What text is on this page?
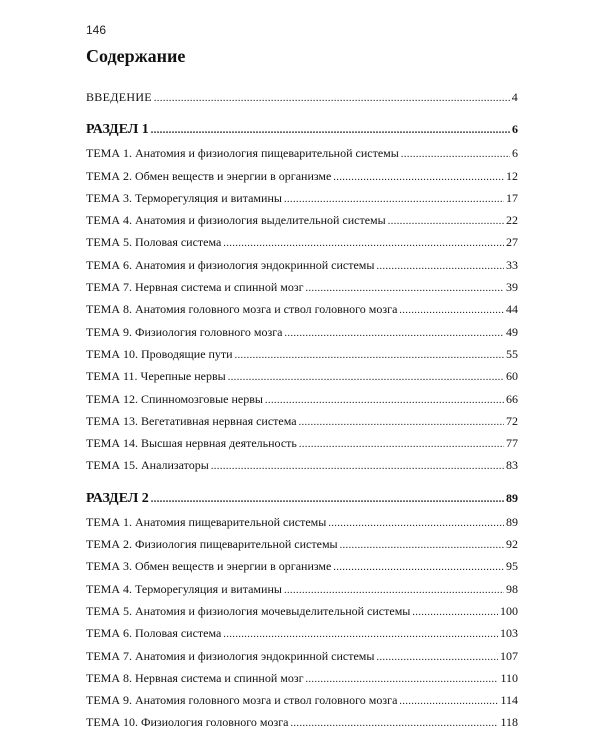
146
Содержание
ВВЕДЕНИЕ .....	4
РАЗДЕЛ 1 .....	6
ТЕМА 1. Анатомия и физиология пищеварительной системы .....	6
ТЕМА 2. Обмен веществ и энергии в организме .....	12
ТЕМА 3. Терморегуляция и витамины .....	17
ТЕМА 4. Анатомия и физиология выделительной системы .....	22
ТЕМА 5. Половая система .....	27
ТЕМА 6. Анатомия и физиология эндокринной системы .....	33
ТЕМА 7. Нервная система и спинной мозг .....	39
ТЕМА 8. Анатомия головного мозга и ствол головного мозга .....	44
ТЕМА 9. Физиология головного мозга .....	49
ТЕМА 10. Проводящие пути .....	55
ТЕМА 11. Черепные нервы .....	60
ТЕМА 12. Спинномозговые нервы .....	66
ТЕМА 13. Вегетативная нервная система .....	72
ТЕМА 14. Высшая нервная деятельность .....	77
ТЕМА 15. Анализаторы .....	83
РАЗДЕЛ 2 .....	89
ТЕМА 1. Анатомия пищеварительной системы .....	89
ТЕМА 2. Физиология пищеварительной системы .....	92
ТЕМА 3. Обмен веществ и энергии в организме .....	95
ТЕМА 4. Терморегуляция и витамины .....	98
ТЕМА 5. Анатомия и физиология мочевыделительной системы .....	100
ТЕМА 6. Половая система .....	103
ТЕМА 7. Анатомия и физиология эндокринной системы .....	107
ТЕМА 8. Нервная система и спинной мозг .....	110
ТЕМА 9. Анатомия головного мозга и ствол головного мозга .....	114
ТЕМА 10. Физиология головного мозга .....	118
